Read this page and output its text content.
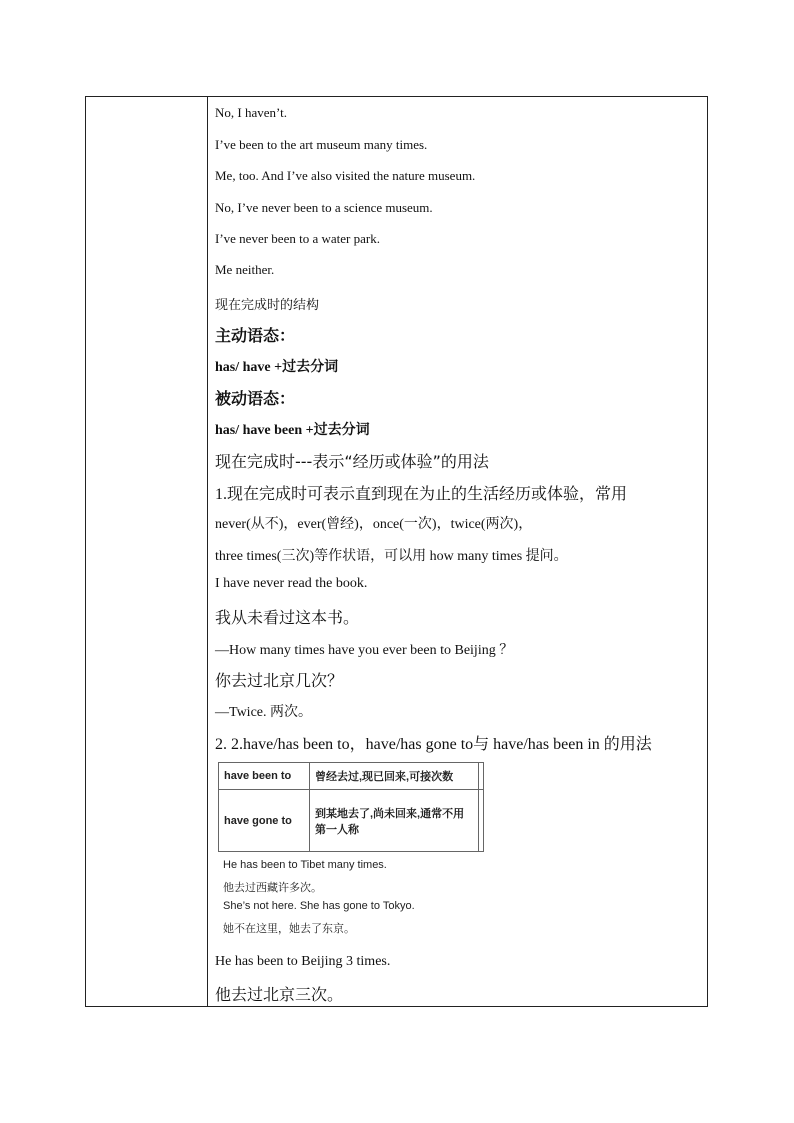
No, I haven’t.
I’ve been to the art museum many times.
Me, too. And I’ve also visited the nature museum.
No, I’ve never been to a science museum.
I’ve never been to a water park.
Me neither.
现在完成时的结构
主动语态：
has/ have +过去分词
被动语态：
has/ have been +过去分词
现在完成时---表示“经历或体验”的用法
1.现在完成时可表示直到现在为止的生活经历或体验，常用
never(从不)，ever(曾经)，once(一次)，twice(两次)，
three times(三次)等作状语，可以用 how many times 提问。
I have never read the book.
我从未看过这本书。
—How many times have you ever been to Beijing ？
你去过北京几次？
—Twice. 两次。
2. 2.have/has been to，have/has gone to与 have/has been in 的用法
have been to	曾经去过,现已回来,可接次数	
have gone to	到某地去了,尚未回来,通常不用第一人称	
He has been to Tibet many times.
他去过西藏许多次。
She’s not here. She has gone to Tokyo.
她不在这里，她去了东京。
He has been to Beijing 3 times.
他去过北京三次。
